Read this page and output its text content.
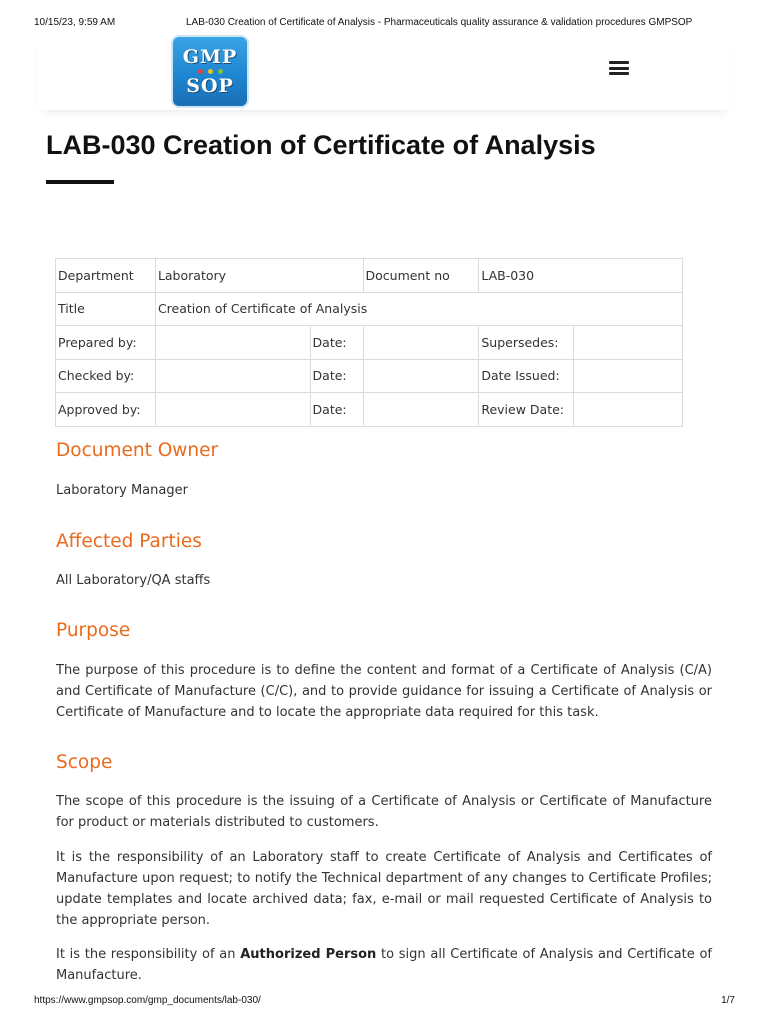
10/15/23, 9:59 AM	LAB-030 Creation of Certificate of Analysis - Pharmaceuticals quality assurance & validation procedures GMPSOP
GMP
SOP
LAB-030 Creation of Certificate of Analysis
Department	Laboratory		Document no	LAB-030	
Title	Creation of Certificate of Analysis				
Prepared by:		Date:		Supersedes:	
Checked by:		Date:		Date Issued:	
Approved by:		Date:		Review Date:	
Document Owner

Laboratory Manager

Affected Parties

All Laboratory/QA staffs

Purpose

The purpose of this procedure is to define the content and format of a Certificate of Analysis (C/A) and Certificate of Manufacture (C/C), and to provide guidance for issuing a Certificate of Analysis or Certificate of Manufacture and to locate the appropriate data required for this task.

Scope

The scope of this procedure is the issuing of a Certificate of Analysis or Certificate of Manufacture for product or materials distributed to customers.

It is the responsibility of an Laboratory staff to create Certificate of Analysis and Certificates of Manufacture upon request; to notify the Technical department of any changes to Certificate Profiles; update templates and locate archived data; fax, e-mail or mail requested Certificate of Analysis to the appropriate person.

It is the responsibility of an Authorized Person to sign all Certificate of Analysis and Certificate of Manufacture.

https://www.gmpsop.com/gmp_documents/lab-030/	1/7
